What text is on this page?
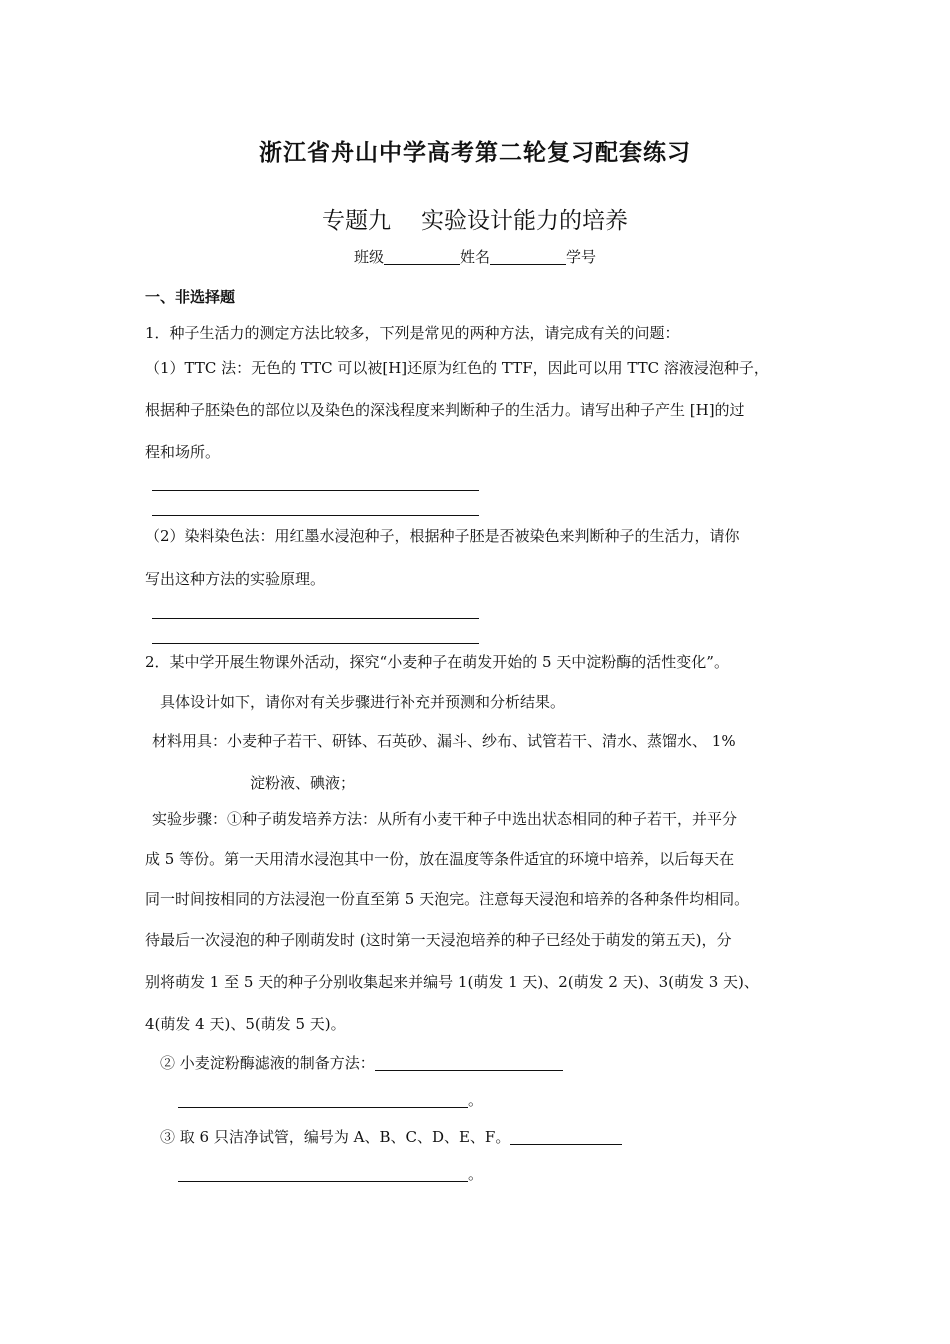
浙江省舟山中学高考第二轮复习配套练习
专题九 实验设计能力的培养
班级	姓名	学号
一、非选择题
1．种子生活力的测定方法比较多，下列是常见的两种方法，请完成有关的问题：
（1）TTC 法：无色的 TTC 可以被[H]还原为红色的 TTF，因此可以用 TTC 溶液浸泡种子，
根据种子胚染色的部位以及染色的深浅程度来判断种子的生活力。请写出种子产生 [H]的过
程和场所。
（2）染料染色法：用红墨水浸泡种子，根据种子胚是否被染色来判断种子的生活力，请你
写出这种方法的实验原理。
2．某中学开展生物课外活动，探究“小麦种子在萌发开始的 5 天中淀粉酶的活性变化”。
具体设计如下，请你对有关步骤进行补充并预测和分析结果。
材料用具：小麦种子若干、研钵、石英砂、漏斗、纱布、试管若干、清水、蒸馏水、 1%
淀粉液、碘液；
实验步骤：①种子萌发培养方法：从所有小麦干种子中选出状态相同的种子若干，并平分
成 5 等份。第一天用清水浸泡其中一份，放在温度等条件适宜的环境中培养，以后每天在
同一时间按相同的方法浸泡一份直至第 5 天泡完。注意每天浸泡和培养的各种条件均相同。
待最后一次浸泡的种子刚萌发时 (这时第一天浸泡培养的种子已经处于萌发的第五天)，分
别将萌发 1 至 5 天的种子分别收集起来并编号 1(萌发 1 天)、2(萌发 2 天)、3(萌发 3 天)、
4(萌发 4 天)、5(萌发 5 天)。
② 小麦淀粉酶滤液的制备方法：
。
③ 取 6 只洁净试管，编号为 A、B、C、D、E、F。
。
